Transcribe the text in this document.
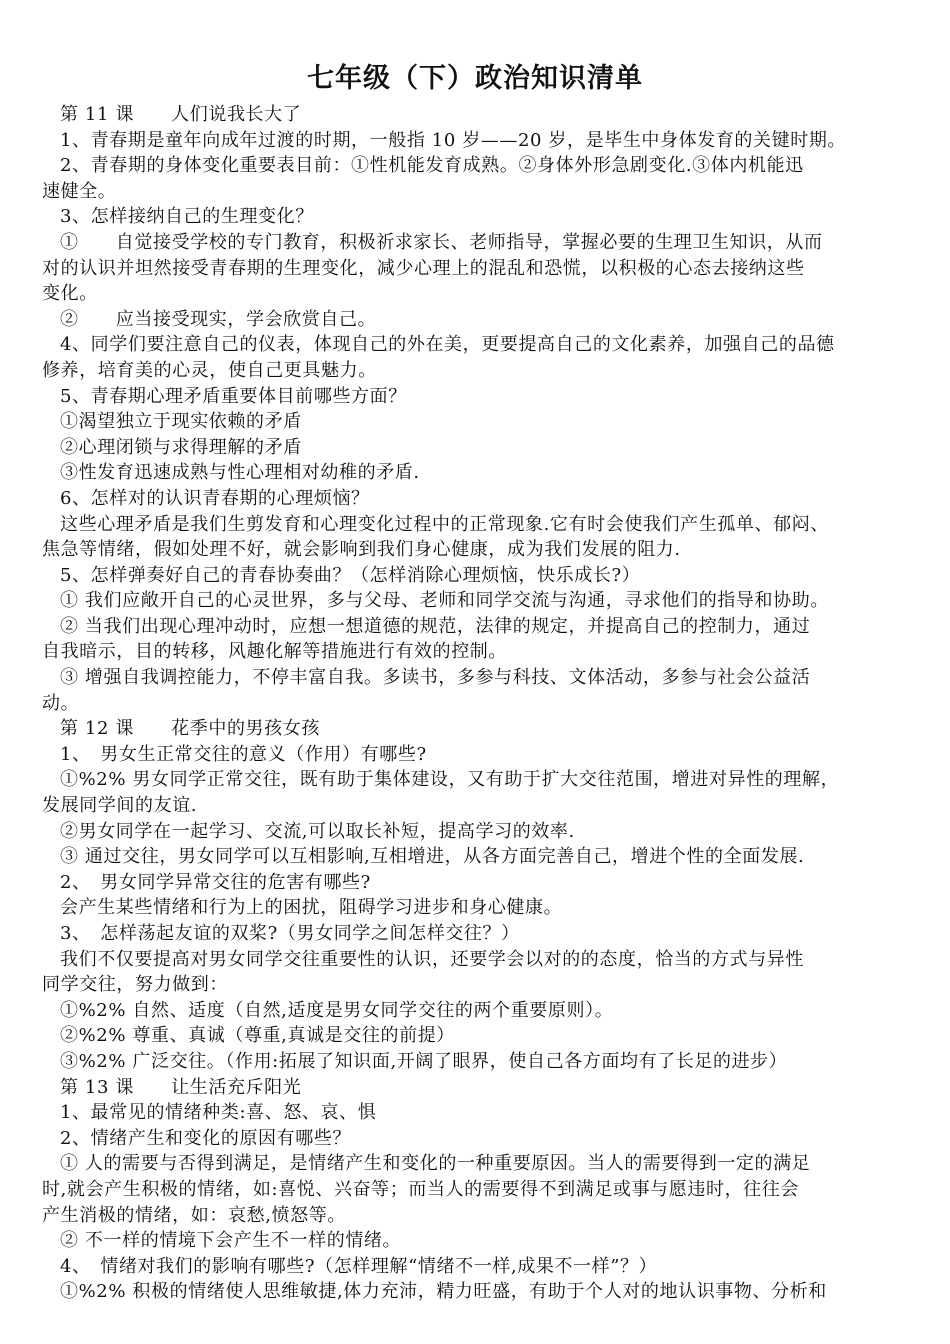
七年级（下）政治知识清单

第 11 课　　人们说我长大了

1、青春期是童年向成年过渡的时期，一般指 10 岁——20 岁，是毕生中身体发育的关键时期。

2、青春期的身体变化重要表目前：①性机能发育成熟。②身体外形急剧变化.③体内机能迅

速健全。

3、怎样接纳自己的生理变化？

①　　自觉接受学校的专门教育，积极祈求家长、老师指导，掌握必要的生理卫生知识，从而

对的认识并坦然接受青春期的生理变化，减少心理上的混乱和恐慌，以积极的心态去接纳这些

变化。

②　　应当接受现实，学会欣赏自己。

4、同学们要注意自己的仪表，体现自己的外在美，更要提高自己的文化素养，加强自己的品德

修养，培育美的心灵，使自己更具魅力。

5、青春期心理矛盾重要体目前哪些方面？

①渴望独立于现实依赖的矛盾

②心理闭锁与求得理解的矛盾

③性发育迅速成熟与性心理相对幼稚的矛盾.

6、怎样对的认识青春期的心理烦恼？

这些心理矛盾是我们生剪发育和心理变化过程中的正常现象.它有时会使我们产生孤单、郁闷、

焦急等情绪，假如处理不好，就会影响到我们身心健康，成为我们发展的阻力.

5、怎样弹奏好自己的青春协奏曲？（怎样消除心理烦恼，快乐成长?）

① 我们应敞开自己的心灵世界，多与父母、老师和同学交流与沟通，寻求他们的指导和协助。

② 当我们出现心理冲动时，应想一想道德的规范，法律的规定，并提高自己的控制力，通过

自我暗示，目的转移，风趣化解等措施进行有效的控制。

③ 增强自我调控能力，不停丰富自我。多读书，多参与科技、文体活动，多参与社会公益活

动。

第 12 课　　花季中的男孩女孩

1、　男女生正常交往的意义（作用）有哪些?

①%2% 男女同学正常交往，既有助于集体建设，又有助于扩大交往范围，增进对异性的理解，

发展同学间的友谊.

②男女同学在一起学习、交流,可以取长补短，提高学习的效率.

③ 通过交往，男女同学可以互相影响,互相增进，从各方面完善自己，增进个性的全面发展.

2、　男女同学异常交往的危害有哪些?

会产生某些情绪和行为上的困扰，阻碍学习进步和身心健康。

3、　怎样荡起友谊的双桨?（男女同学之间怎样交往？）

我们不仅要提高对男女同学交往重要性的认识，还要学会以对的的态度，恰当的方式与异性

同学交往，努力做到：

①%2% 自然、适度（自然,适度是男女同学交往的两个重要原则）。

②%2% 尊重、真诚（尊重,真诚是交往的前提）

③%2% 广泛交往。（作用:拓展了知识面,开阔了眼界，使自己各方面均有了长足的进步）

第 13 课　　让生活充斥阳光

1、最常见的情绪种类:喜、怒、哀、惧

2、情绪产生和变化的原因有哪些？

① 人的需要与否得到满足，是情绪产生和变化的一种重要原因。当人的需要得到一定的满足

时,就会产生积极的情绪，如:喜悦、兴奋等；而当人的需要得不到满足或事与愿违时，往往会

产生消极的情绪，如：哀愁,愤怒等。

② 不一样的情境下会产生不一样的情绪。

4、　情绪对我们的影响有哪些?（怎样理解“情绪不一样,成果不一样”？）

①%2% 积极的情绪使人思维敏捷,体力充沛，精力旺盛，有助于个人对的地认识事物、分析和
